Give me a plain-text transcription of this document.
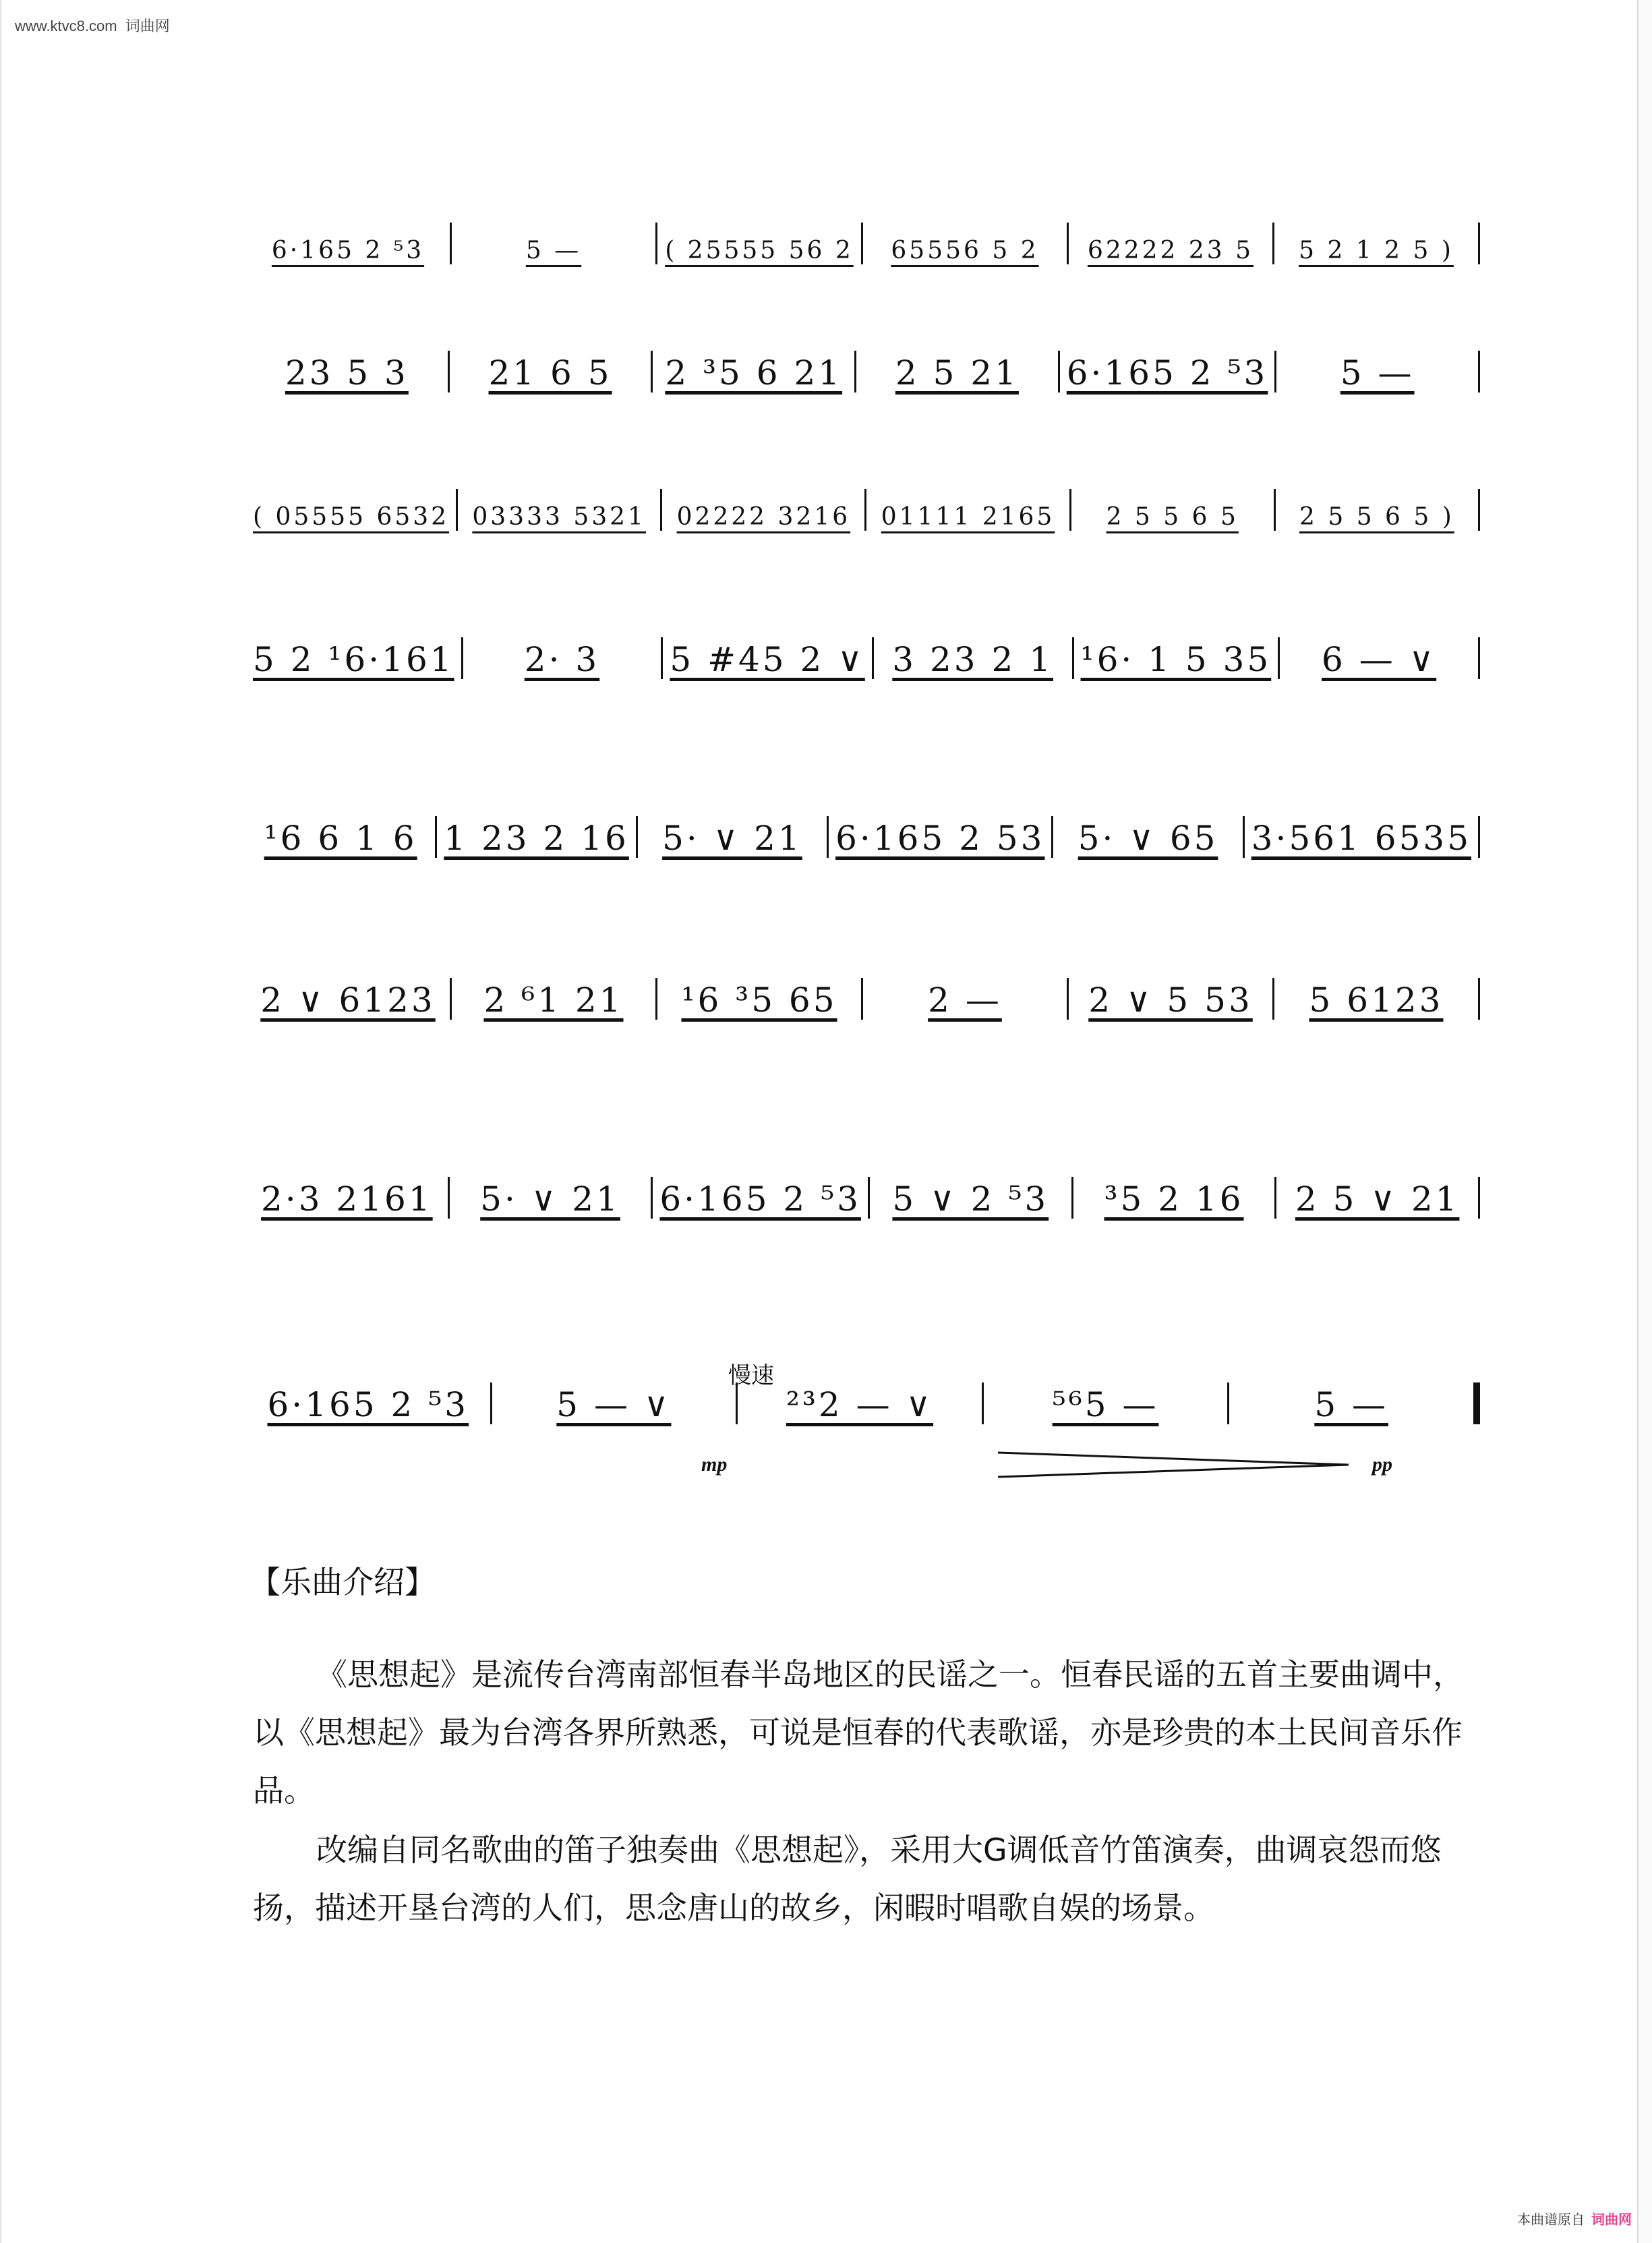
www.ktvc8.com 词曲网
6·165 2 ⁵3	5 —	( 25555 56 2 65556 5 2 62222 23 5 5 2 1 2 5 )
23 5 3 21 6 5 2 ³5 6 21 2 5 21 6·165 2 ⁵3 5 —
( 05555 6532 03333 5321 02222 3216 01111 2165 2 5 5 6 5	2 5 5 6 5 )
5 2 ¹6·161 2· 3 5 #45 2 ∨ 3 23 2 1 ¹6· 1 5 35 6 — ∨
¹6 6 1 6 1 23 2 16 5· ∨ 21 6·165 2 53 5· ∨ 65 3·561 6535
2 ∨ 6123 2 ⁶1 21 ¹6 ³5 65	2 —	2 ∨ 5 53 5 6123
2·3 2161 5· ∨ 21 6·165 2 ⁵3 5 ∨ 2 ⁵3 ³5 2 16 2 5 ∨ 21
6·165 2 ⁵3	5 — ∨	²³2 — ∨	⁵⁶5 —	5 —
慢速
mp	pp
【乐曲介绍】

《思想起》是流传台湾南部恒春半岛地区的民谣之一。恒春民谣的五首主要曲调中，以《思想起》最为台湾各界所熟悉，可说是恒春的代表歌谣，亦是珍贵的本土民间音乐作品。

改编自同名歌曲的笛子独奏曲《思想起》，采用大G调低音竹笛演奏，曲调哀怨而悠扬，描述开垦台湾的人们，思念唐山的故乡，闲暇时唱歌自娱的场景。

本曲谱原自 词曲网
